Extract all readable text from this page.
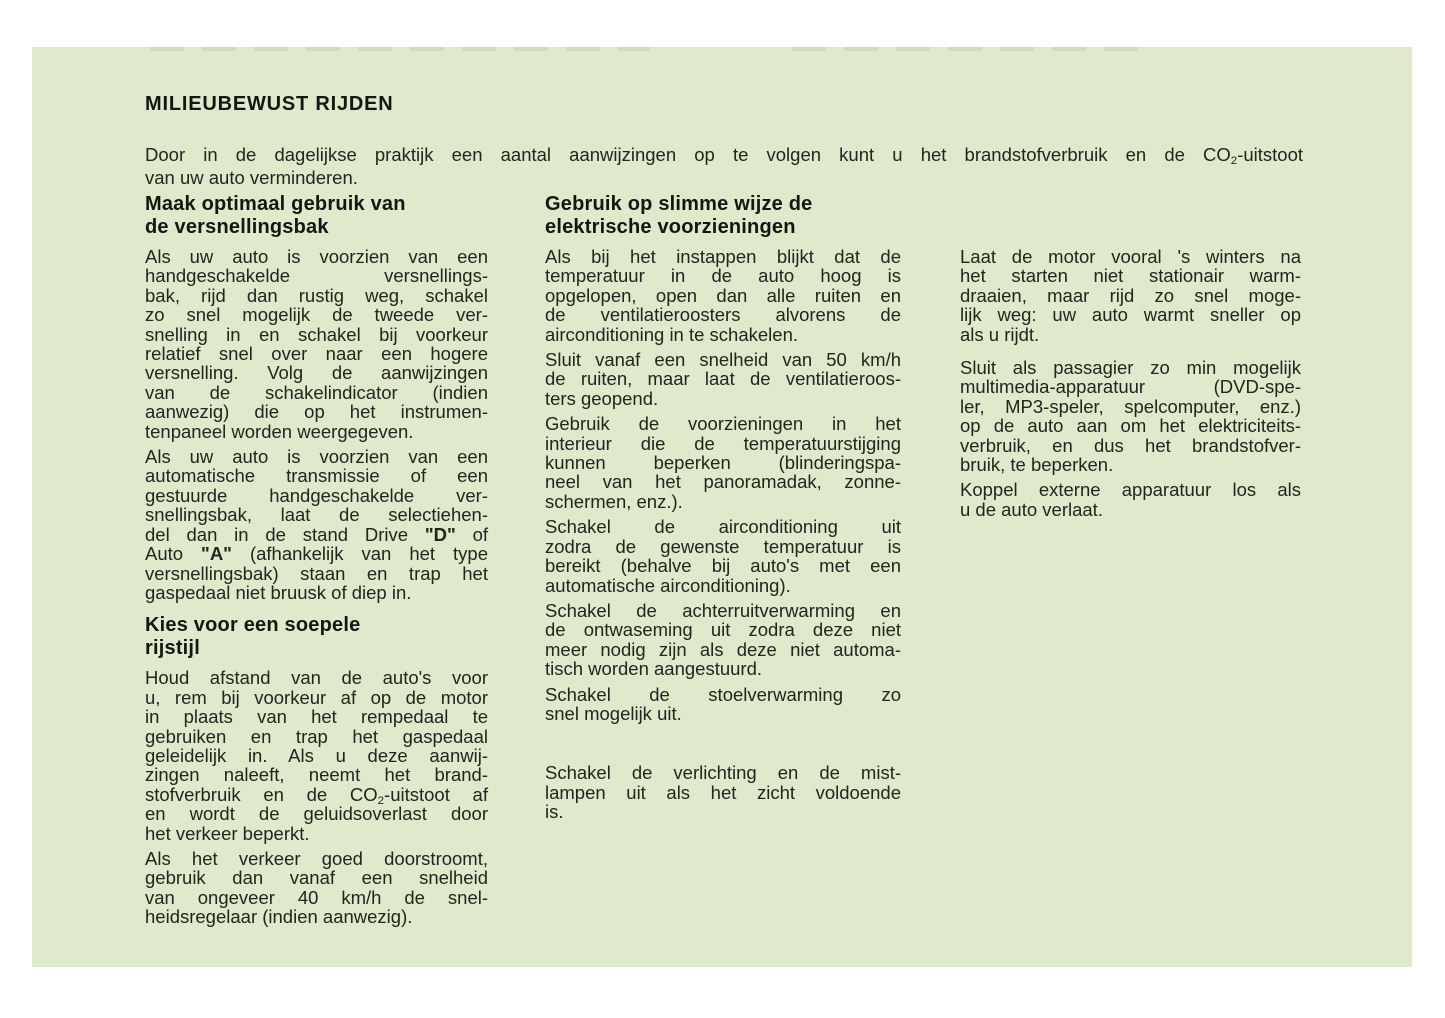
MILIEUBEWUST RIJDEN
Door in de dagelijkse praktijk een aantal aanwijzingen op te volgen kunt u het brandstofverbruik en de $CO_2$-uitstoot
van uw auto verminderen.
Maak optimaal gebruik van
de versnellingsbak
Als uw auto is voorzien van een
handgeschakelde versnellings-
bak, rijd dan rustig weg, schakel
zo snel mogelijk de tweede ver-
snelling in en schakel bij voorkeur
relatief snel over naar een hogere
versnelling. Volg de aanwijzingen
van de schakelindicator (indien
aanwezig) die op het instrumen-
tenpaneel worden weergegeven.
Als uw auto is voorzien van een
automatische transmissie of een
gestuurde handgeschakelde ver-
snellingsbak, laat de selectiehen-
del dan in de stand Drive "D" of
Auto "A" (afhankelijk van het type
versnellingsbak) staan en trap het
gaspedaal niet bruusk of diep in.
Kies voor een soepele
rijstijl
Houd afstand van de auto's voor
u, rem bij voorkeur af op de motor
in plaats van het rempedaal te
gebruiken en trap het gaspedaal
geleidelijk in. Als u deze aanwij-
zingen naleeft, neemt het brand-
stofverbruik en de $CO_2$-uitstoot af
en wordt de geluidsoverlast door
het verkeer beperkt.
Als het verkeer goed doorstroomt,
gebruik dan vanaf een snelheid
van ongeveer 40 km/h de snel-
heidsregelaar (indien aanwezig).
Gebruik op slimme wijze de
elektrische voorzieningen
Als bij het instappen blijkt dat de
temperatuur in de auto hoog is
opgelopen, open dan alle ruiten en
de ventilatieroosters alvorens de
airconditioning in te schakelen.
Sluit vanaf een snelheid van 50 km/h
de ruiten, maar laat de ventilatieroos-
ters geopend.
Gebruik de voorzieningen in het
interieur die de temperatuurstijging
kunnen beperken (blinderingspa-
neel van het panoramadak, zonne-
schermen, enz.).
Schakel de airconditioning uit
zodra de gewenste temperatuur is
bereikt (behalve bij auto's met een
automatische airconditioning).
Schakel de achterruitverwarming en
de ontwaseming uit zodra deze niet
meer nodig zijn als deze niet automa-
tisch worden aangestuurd.
Schakel de stoelverwarming zo
snel mogelijk uit.
Schakel de verlichting en de mist-
lampen uit als het zicht voldoende
is.
Laat de motor vooral 's winters na
het starten niet stationair warm-
draaien, maar rijd zo snel moge-
lijk weg: uw auto warmt sneller op
als u rijdt.
Sluit als passagier zo min mogelijk
multimedia-apparatuur (DVD-spe-
ler, MP3-speler, spelcomputer, enz.)
op de auto aan om het elektriciteits-
verbruik, en dus het brandstofver-
bruik, te beperken.
Koppel externe apparatuur los als
u de auto verlaat.
